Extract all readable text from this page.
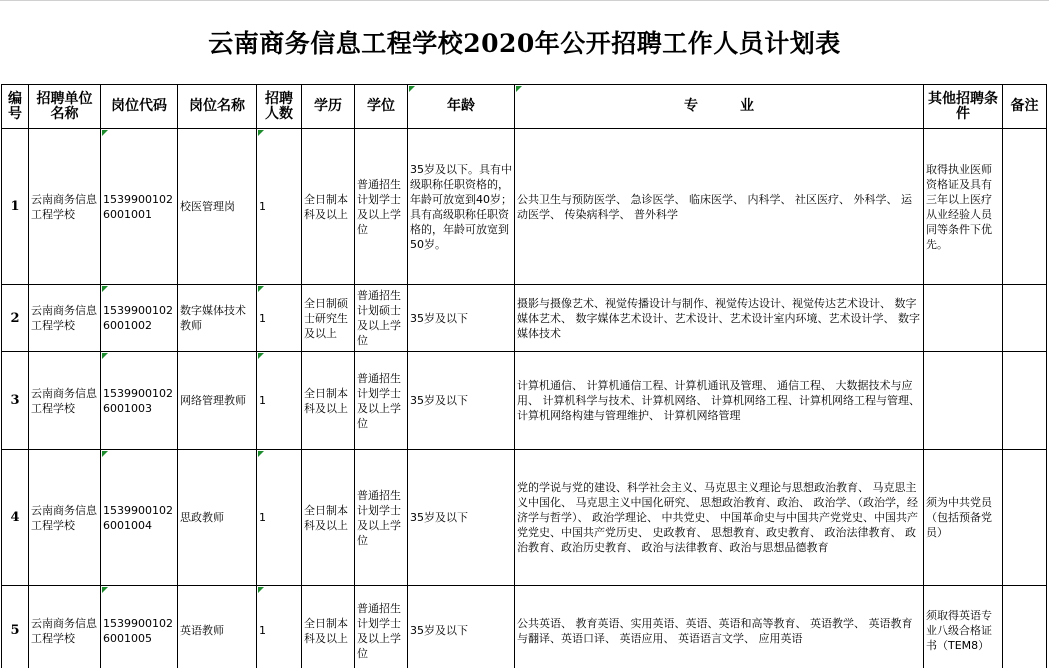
云南商务信息工程学校2020年公开招聘工作人员计划表
编号	招聘单位名称	岗位代码	岗位名称	招聘人数	学历	学位	年龄	专　　　业	其他招聘条件	备注
1	云南商务信息工程学校	15399001026001001	校医管理岗	1	全日制本科及以上	普通招生计划学士及以上学位	35岁及以下。具有中级职称任职资格的，年龄可放宽到40岁；具有高级职称任职资格的，年龄可放宽到50岁。	公共卫生与预防医学、 急诊医学、 临床医学、 内科学、 社区医疗、 外科学、 运动医学、 传染病科学、 普外科学	取得执业医师资格证及具有三年以上医疗从业经验人员同等条件下优先。	
2	云南商务信息工程学校	15399001026001002	数字媒体技术教师	1	全日制硕士研究生及以上	普通招生计划硕士及以上学位	35岁及以下	摄影与摄像艺术、视觉传播设计与制作、视觉传达设计、视觉传达艺术设计、 数字媒体艺术、 数字媒体艺术设计、艺术设计、艺术设计室内环境、艺术设计学、 数字媒体技术		
3	云南商务信息工程学校	15399001026001003	网络管理教师	1	全日制本科及以上	普通招生计划学士及以上学位	35岁及以下	计算机通信、 计算机通信工程、计算机通讯及管理、 通信工程、 大数据技术与应用、 计算机科学与技术、计算机网络、 计算机网络工程、计算机网络工程与管理、计算机网络构建与管理维护、 计算机网络管理		
4	云南商务信息工程学校	15399001026001004	思政教师	1	全日制本科及以上	普通招生计划学士及以上学位	35岁及以下	党的学说与党的建设、科学社会主义、马克思主义理论与思想政治教育、 马克思主义中国化、 马克思主义中国化研究、 思想政治教育、政治、 政治学、（政治学，经济学与哲学）、 政治学理论、 中共党史、 中国革命史与中国共产党党史、中国共产党党史、中国共产党历史、 史政教育、 思想教育、政史教育、 政治法律教育、 政治教育、政治历史教育、 政治与法律教育、政治与思想品德教育	须为中共党员（包括预备党员）	
5	云南商务信息工程学校	15399001026001005	英语教师	1	全日制本科及以上	普通招生计划学士及以上学位	35岁及以下	公共英语、 教育英语、实用英语、英语、英语和高等教育、 英语教学、 英语教育与翻译、英语口译、 英语应用、 英语语言文学、 应用英语	须取得英语专业八级合格证书（TEM8）	
